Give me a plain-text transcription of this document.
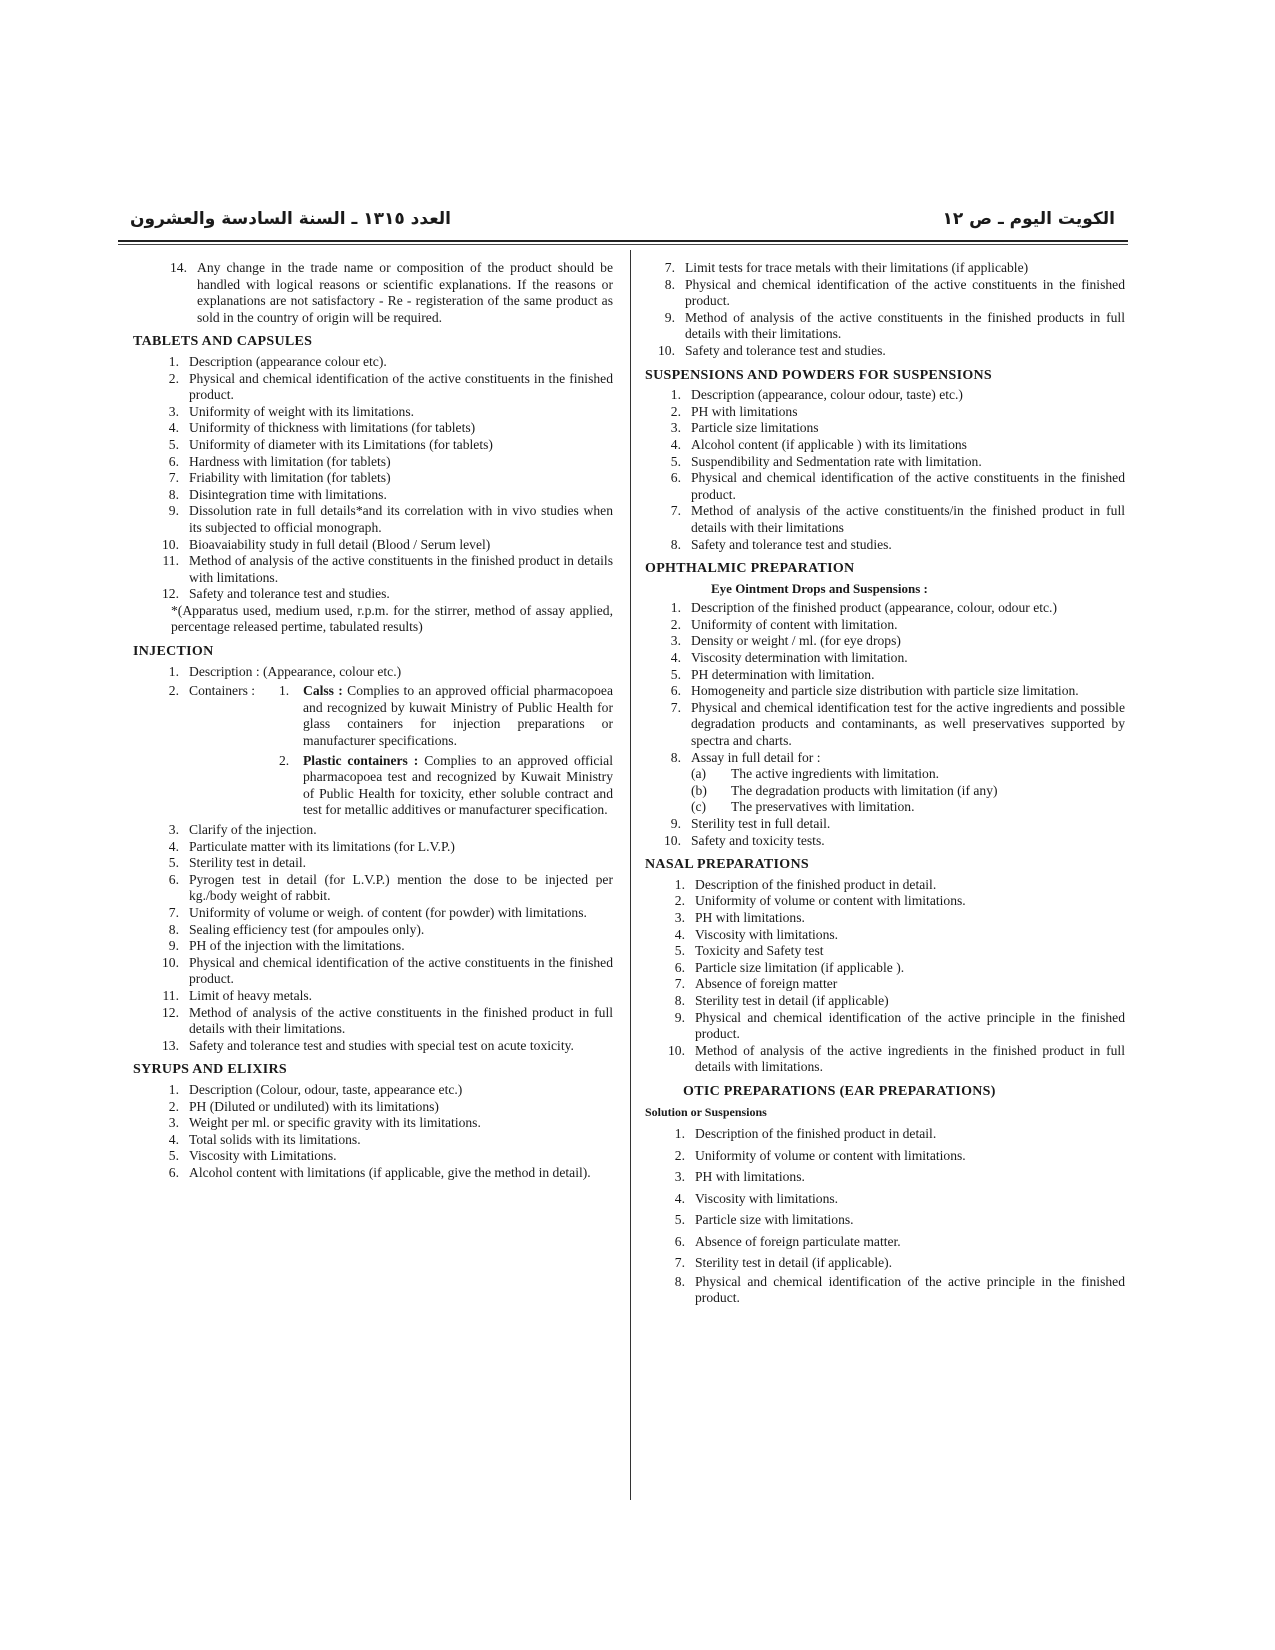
العدد ١٣١٥ ـ السنة السادسة والعشرون	الكويت اليوم ـ ص ١٢
14. Any change in the trade name or composition of the product should be handled with logical reasons or scientific explanations. If the reasons or explanations are not satisfactory - Re - registeration of the same product as sold in the country of origin will be required.
TABLETS AND CAPSULES
1. Description (appearance colour etc).
2. Physical and chemical identification of the active constituents in the finished product.
3. Uniformity of weight with its limitations.
4. Uniformity of thickness with limitations (for tablets)
5. Uniformity of diameter with its Limitations (for tablets)
6. Hardness with limitation (for tablets)
7. Friability with limitation (for tablets)
8. Disintegration time with limitations.
9. Dissolution rate in full details*and its correlation with in vivo studies when its subjected to official monograph.
10. Bioavaiability study in full detail (Blood / Serum level)
11. Method of analysis of the active constituents in the finished product in details with limitations.
12. Safety and tolerance test and studies.
*(Apparatus used, medium used, r.p.m. for the stirrer, method of assay applied, percentage released pertime, tabulated results)
INJECTION
1. Description : (Appearance, colour etc.)
2. Containers :	1.	Calss : Complies to an approved official pharmacopoea and recognized by kuwait Ministry of Public Health for glass containers for injection preparations or manufacturer specifications.
2.	Plastic containers : Complies to an approved official pharmacopoea test and recognized by Kuwait Ministry of Public Health for toxicity, ether soluble contract and test for metallic additives or manufacturer specification.
3. Clarify of the injection.
4. Particulate matter with its limitations (for L.V.P.)
5. Sterility test in detail.
6. Pyrogen test in detail (for L.V.P.) mention the dose to be injected per kg./body weight of rabbit.
7. Uniformity of volume or weigh. of content (for powder) with limitations.
8. Sealing efficiency test (for ampoules only).
9. PH of the injection with the limitations.
10. Physical and chemical identification of the active constituents in the finished product.
11. Limit of heavy metals.
12. Method of analysis of the active constituents in the finished product in full details with their limitations.
13. Safety and tolerance test and studies with special test on acute toxicity.
SYRUPS AND ELIXIRS
1. Description (Colour, odour, taste, appearance etc.)
2. PH (Diluted or undiluted) with its limitations)
3. Weight per ml. or specific gravity with its limitations.
4. Total solids with its limitations.
5. Viscosity with Limitations.
6. Alcohol content with limitations (if applicable, give the method in detail).
7. Limit tests for trace metals with their limitations (if applicable)
8. Physical and chemical identification of the active constituents in the finished product.
9. Method of analysis of the active constituents in the finished products in full details with their limitations.
10. Safety and tolerance test and studies.
SUSPENSIONS AND POWDERS FOR SUSPENSIONS
1. Description (appearance, colour odour, taste) etc.)
2. PH with limitations
3. Particle size limitations
4. Alcohol content (if applicable ) with its limitations
5. Suspendibility and Sedmentation rate with limitation.
6. Physical and chemical identification of the active constituents in the finished product.
7. Method of analysis of the active constituents/in the finished product in full details with their limitations
8. Safety and tolerance test and studies.
OPHTHALMIC PREPARATION
Eye Ointment Drops and Suspensions :
1. Description of the finished product (appearance, colour, odour etc.)
2. Uniformity of content with limitation.
3. Density or weight / ml. (for eye drops)
4. Viscosity determination with limitation.
5. PH determination with limitation.
6. Homogeneity and particle size distribution with particle size limitation.
7. Physical and chemical identification test for the active ingredients and possible degradation products and contaminants, as well preservatives supported by spectra and charts.
8. Assay in full detail for :
(a)	The active ingredients with limitation.
(b)	The degradation products with limitation (if any)
(c)	The preservatives with limitation.
9. Sterility test in full detail.
10. Safety and toxicity tests.
NASAL PREPARATIONS
1. Description of the finished product in detail.
2. Uniformity of volume or content with limitations.
3. PH with limitations.
4. Viscosity with limitations.
5. Toxicity and Safety test
6. Particle size limitation (if applicable ).
7. Absence of foreign matter
8. Sterility test in detail (if applicable)
9. Physical and chemical identification of the active principle in the finished product.
10. Method of analysis of the active ingredients in the finished product in full details with limitations.
OTIC PREPARATIONS (EAR PREPARATIONS)
Solution or Suspensions
1. Description of the finished product in detail.
2. Uniformity of volume or content with limitations.
3. PH with limitations.
4. Viscosity with limitations.
5. Particle size with limitations.
6. Absence of foreign particulate matter.
7. Sterility test in detail (if applicable).
8. Physical and chemical identification of the active principle in the finished product.
